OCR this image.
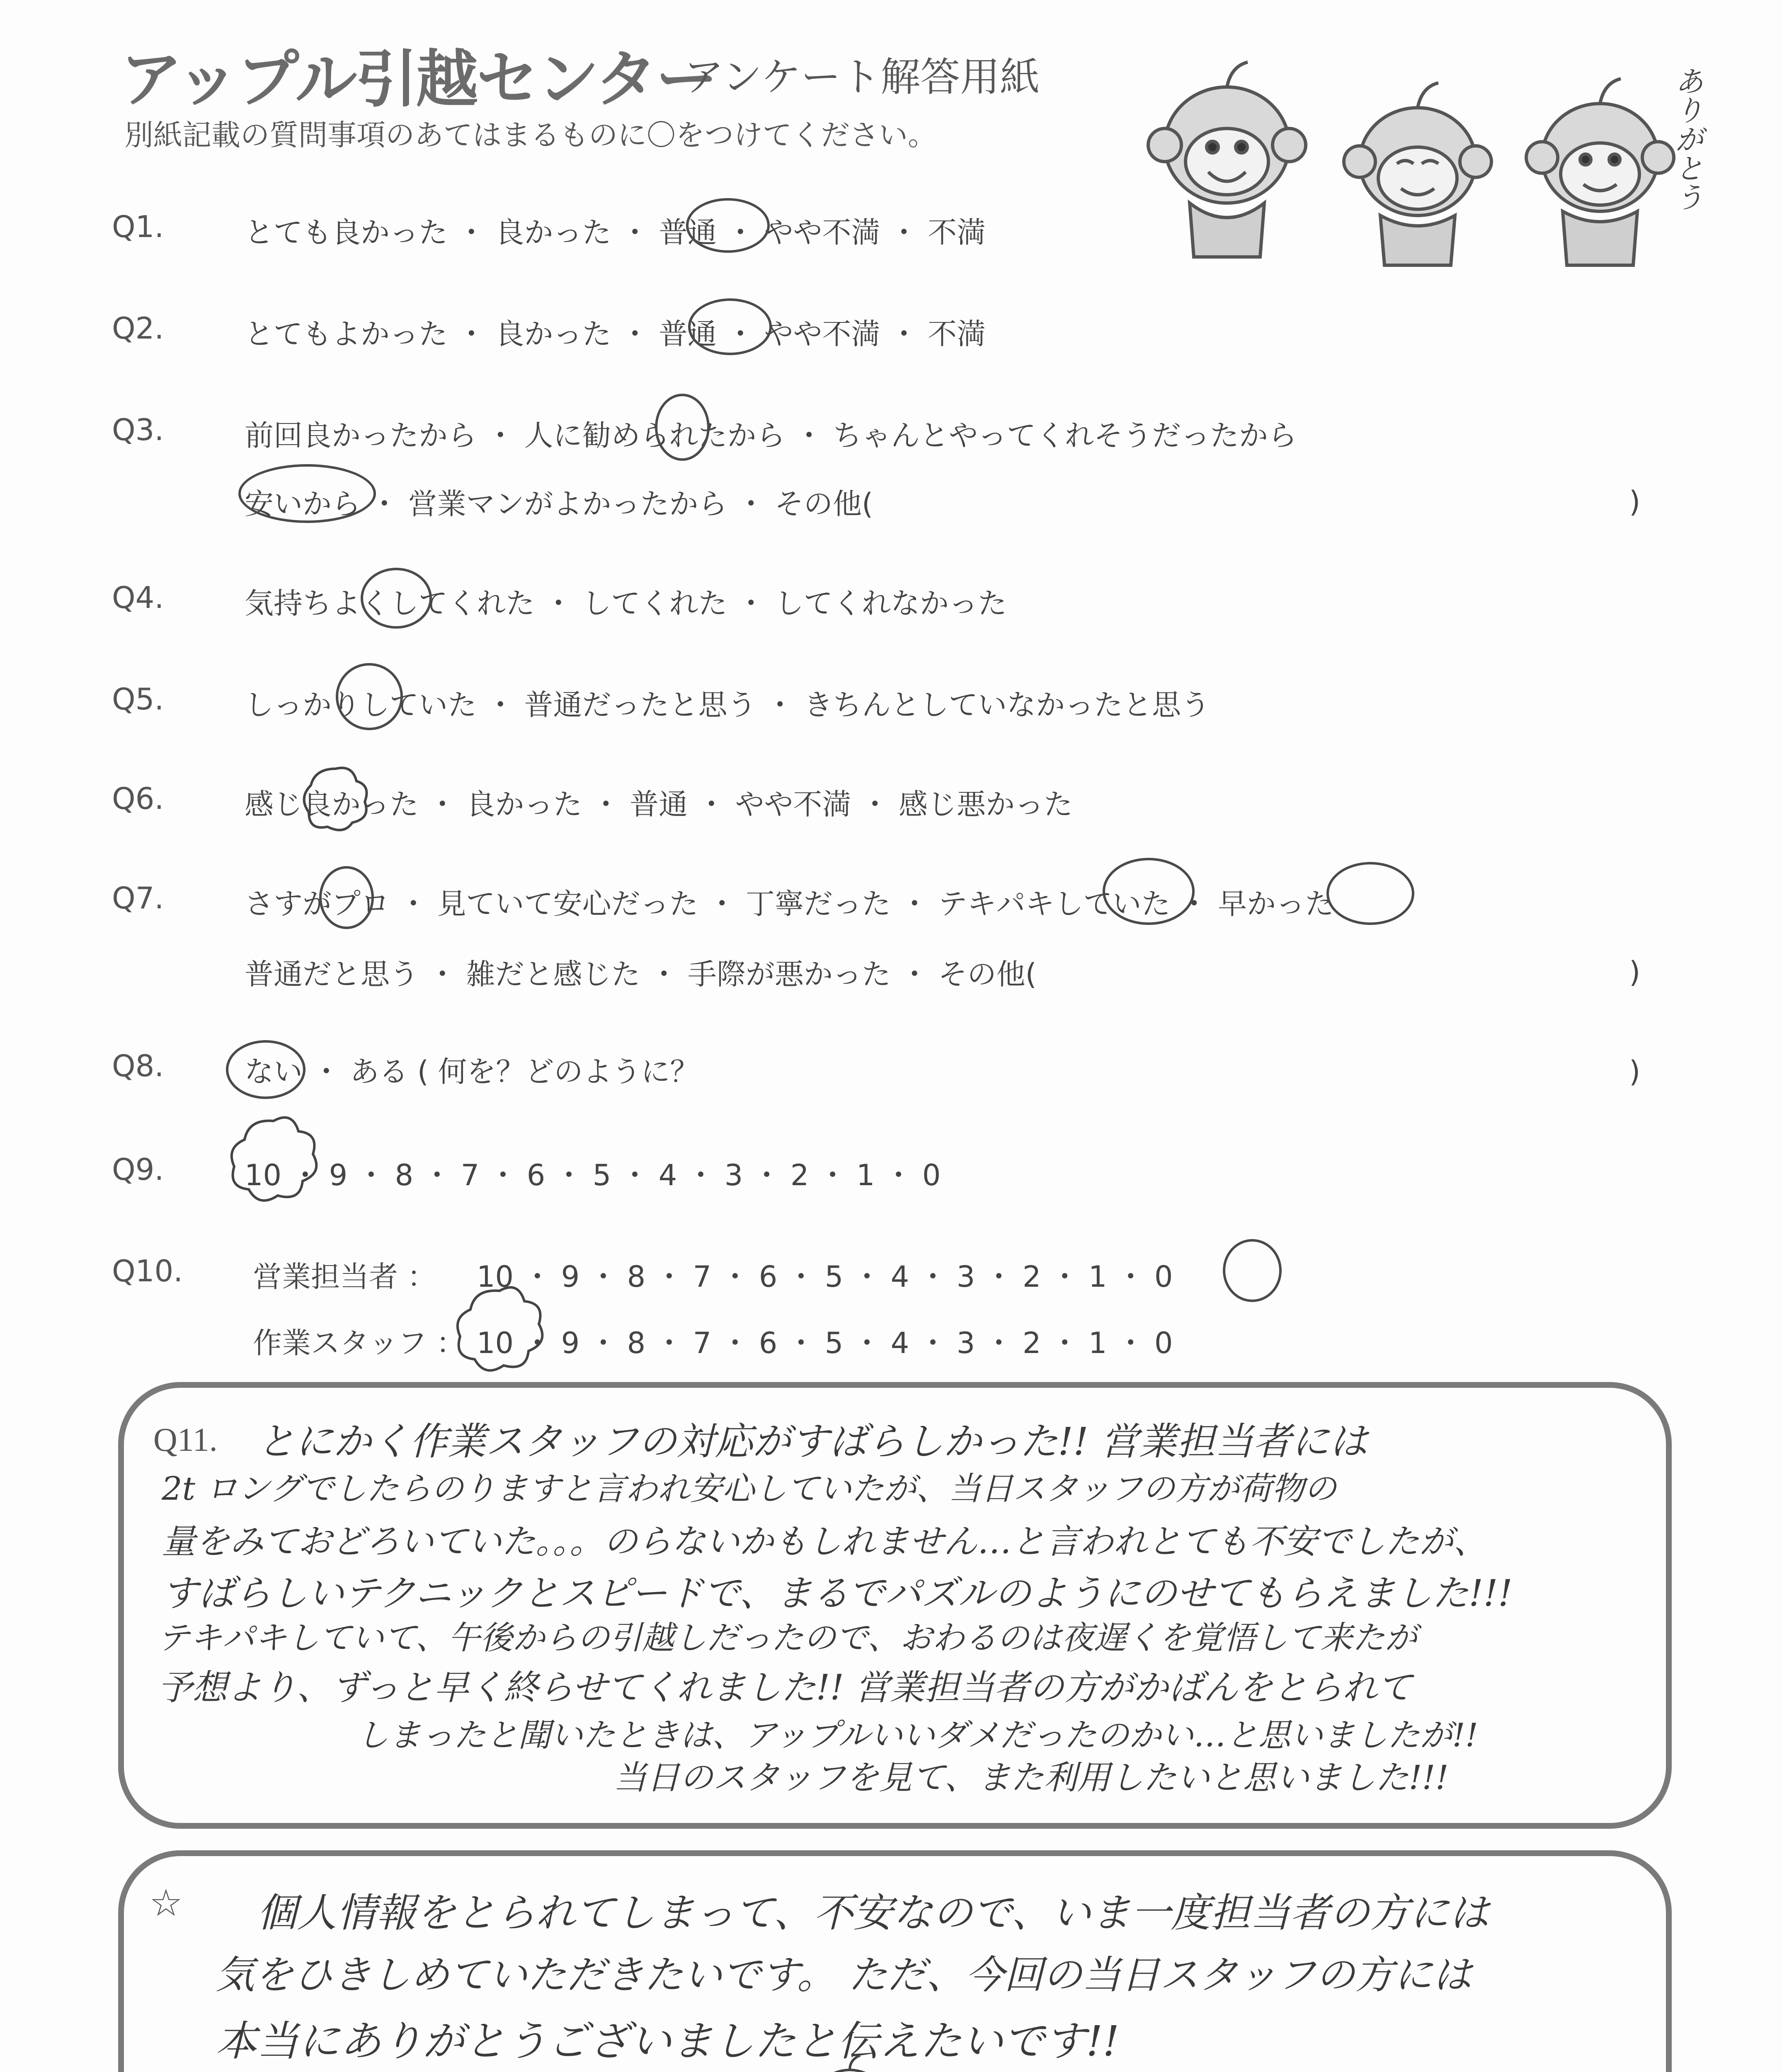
アップル引越センター
アンケート解答用紙
別紙記載の質問事項のあてはまるものに〇をつけてください。	ありがとう
Q1.	とても良かった ・ 良かった ・ 普通 ・ やや不満 ・ 不満
Q2.	とてもよかった ・ 良かった ・ 普通 ・ やや不満 ・ 不満
Q3.	前回良かったから ・ 人に勧められたから ・ ちゃんとやってくれそうだったから
安いから ・ 営業マンがよかったから ・ その他(	)
Q4.	気持ちよくしてくれた ・ してくれた ・ してくれなかった
Q5.	しっかりしていた ・ 普通だったと思う ・ きちんとしていなかったと思う
Q6.	感じ良かった ・ 良かった ・ 普通 ・ やや不満 ・ 感じ悪かった
Q7.	さすがプロ ・ 見ていて安心だった ・ 丁寧だった ・ テキパキしていた ・ 早かった
普通だと思う ・ 雑だと感じた ・ 手際が悪かった ・ その他(	)
Q8.	ない ・ ある ( 何を？どのように？	)
Q9.	10 ・ 9 ・ 8 ・ 7 ・ 6 ・ 5 ・ 4 ・ 3 ・ 2 ・ 1 ・ 0
Q10. 営業担当者 ： 10 ・ 9 ・ 8 ・ 7 ・ 6 ・ 5 ・ 4 ・ 3 ・ 2 ・ 1 ・ 0
作業スタッフ ： 10 ・ 9 ・ 8 ・ 7 ・ 6 ・ 5 ・ 4 ・ 3 ・ 2 ・ 1 ・ 0
Q11. とにかく作業スタッフの対応がすばらしかった!! 営業担当者には
2t ロングでしたらのりますと言われ安心していたが、当日スタッフの方が荷物の
量をみておどろいていた。。。のらないかもしれません…と言われとても不安でしたが、
すばらしいテクニックとスピードで、まるでパズルのようにのせてもらえました!!!
テキパキしていて、午後からの引越しだったので、おわるのは夜遅くを覚悟して来たが
予想より、ずっと早く終らせてくれました!! 営業担当者の方がかばんをとられて
しまったと聞いたときは、アップルいいダメだったのかい…と思いましたが!!
当日のスタッフを見て、また利用したいと思いました!!!
☆ 個人情報をとられてしまって、不安なので、いま一度担当者の方には
気をひきしめていただきたいです。 ただ、今回の当日スタッフの方には
本当にありがとうございましたと伝えたいです!!
